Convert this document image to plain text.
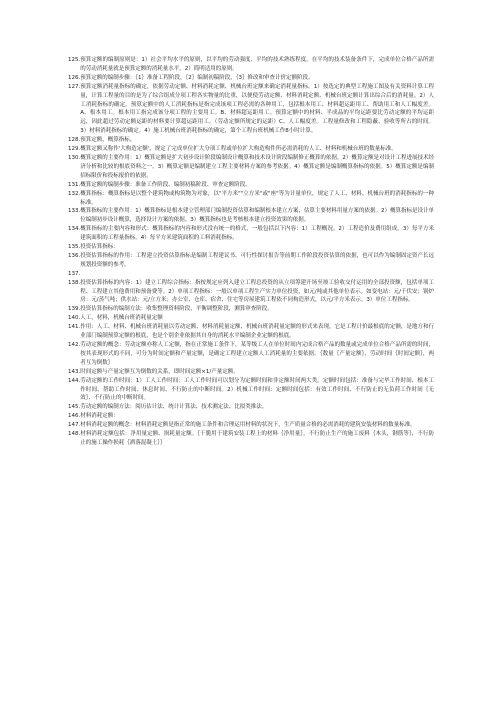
125. 预算定额的编制原则是：1）社会平均水平的原则，以平均的劳动强度、平均的技术熟练程度，在平均的技术装备条件下，完成单位合格产品所需的劳动消耗量就是预算定额的消耗量水平。2）简明适用的原则。
126. 预算定额的编制步骤：｛1｝准备工程阶段，｛2｝编制初稿阶段，｛3｝修改和审查计价定额阶段。
127. 预算定额消耗量指标的确定，依据劳动定额、材料消耗定额、机械台班定额来确定消耗量指标。1）按选定的典型工程施工图及有关资料计算工程量，计算工程量的目的是为了综合组成分项工程各实物量的比重，以便使劳动定额、材料消耗定额、机械台班定额计算出综合后的消耗量。2）人工消耗指标的确定，预算定额中的人工消耗指标是指完成该项工程必需的各种用工，包括根本用工、材料超运距用工、帮助用工和人工幅度差。A、根本用工。根本用工指完成该分项工程的主要用工。B、材料超运距用工。预算定额中的材料、半成品的平均运距要比劳动定额的平均运距远，因此超过劳动定额运距的材料要计算超运距用工。（劳动定额所规定的运距）C、人工幅度差。工程量修改和工程隐蔽、验收等所占的时间。3）材料消耗指标的确定。4）施工机械台班消耗指标的确定，第个工程台班机械工作8小时计算。
128. 预算定额，概算指标。
129. 概算定额又称作'大构造定额'，规定了完成单位扩大分项工程或单位扩大构造构件所必需消耗的人工、材料和机械台班的数量标准。
130. 概算定额的主要作用：1）概算定额是扩大初步设计阶段编制设计概算和技术设计阶段编制修正概算的依据。2）概算定额是对设计工程进展技术经济分析和比较的根底资料之一。3）概算定额是编制建立工程主要材料方案的参考依据。4）概算定额是编制概算指标的依据。5）概算定额是编制招标限价和投标报价的依据。
131. 概算定额的编制步骤：准备工作阶段、编制初稿阶段、审查定额阶段。
132. 概算指标：概算指标是以整个建筑物或构筑物为对象，以"平方米""立方米"或"座"等为计量单位，规定了人工、材料、机械台班的消耗指标的一种标准。
133. 概算指标的主要作用：1）概算指标是根本建立管理部门编制投资估算和编制根本建立方案，估算主要材料用量方案的依据。2）概算指标是设计单位编制初步设计概算，选择设计方案的依据。3）概算指标也是考核根本建立投资效果的依据。
134. 概算指标的主要内容和形式：概算指标的内容和形式没有统一的格式，一般包括以下内容：1）工程概况。2）工程造价及费用组成。3）每平方米建筑面积的工程量指标。4）每平方米建筑面积的工料消耗指标。
135. 投资估算指标：
136. 投资估算指标的作用：工程建立投资估算指标是编制工程建议书、可行性探讨报告等前期工作阶段投资估算的依据，也可以作为编制固定资产长远规划投资额的参考。
137.
138. 投资估算指标的内容：1）建立工程综合指标：指按规定应列入建立工程总投资的从立项筹建开场至竣工验收交付运用的全部投资额，包括单项工程、工程建立其他费用和预备费等。2）单项工程指标：一般以单项工程生产实力单位投资，如元/吨或其他单位表示。如变电站：元/千伏安；锅炉房：元/蒸气吨；供水站：元/立方米；办公室、仓库、宿舍、住宅等房屋建筑工程依不同构造形式，以元/平方米表示。3）单位工程指标。
139. 投资估算指标的编制方法：收集整理资料阶段，平衡调整阶段，测算审查阶段。
140. 人工，材料，机械台班消耗量定额
141. 作用：人工、材料、机械台班消耗量以劳动定额、材料消耗量定额、机械台班消耗量定额的形式来表现，它是工程计价最根底的定额，是地方和行业部门编制预算定额的根底，也是个别企业依据其自身的消耗水平编制企业定额的根底。
142. 劳动定额的概念：劳动定额亦称人工定额，指在正常施工条件下，某等级工人在单位时间内完成合格产品的数量或完成单位合格产品所需的时间，按其表现形式的不同，可分为时间定额和产量定额，是确定工程建立定额人工消耗量的主要依据。｛数量｛产量定额｝，劳动时间｛时间定额｝，两者互为倒数｝
143. 时间定额与产量定额互为倒数的关系，即时间定额×1/产量定额。
144. 劳动定额的工作时间：1）工人工作时间：工人工作时间可以划分为定额时间和非定额时间两大类。定额时间包括：准备与完毕工作时间、根本工作时间、帮助工作时间、休息时间、不行防止的中断时间。2）机械工作时间：定额时间包括：有效工作时间、不行防止的无负荷工作时间｛无效｝、不行防止的中断时间。
145. 劳动定额的编制方法：阅历估计法、统计计算法、技术测定法、比拟类推法。
146. 材料消耗定额：
147. 材料消耗定额的概念：材料消耗定额是指正常的施工条件和合理运用材料的状况下，生产质量合格的必需消耗的建筑安装材料的数量标准。
148. 材料消耗定额包括：净用量定额、损耗量定额。｛干脆用于建筑安装工程上的材料｛净用量｝，不行防止生产的施工废料｛木头，钢筋等｝，不行防止的施工操作损耗｛洒落混凝土｝｝
